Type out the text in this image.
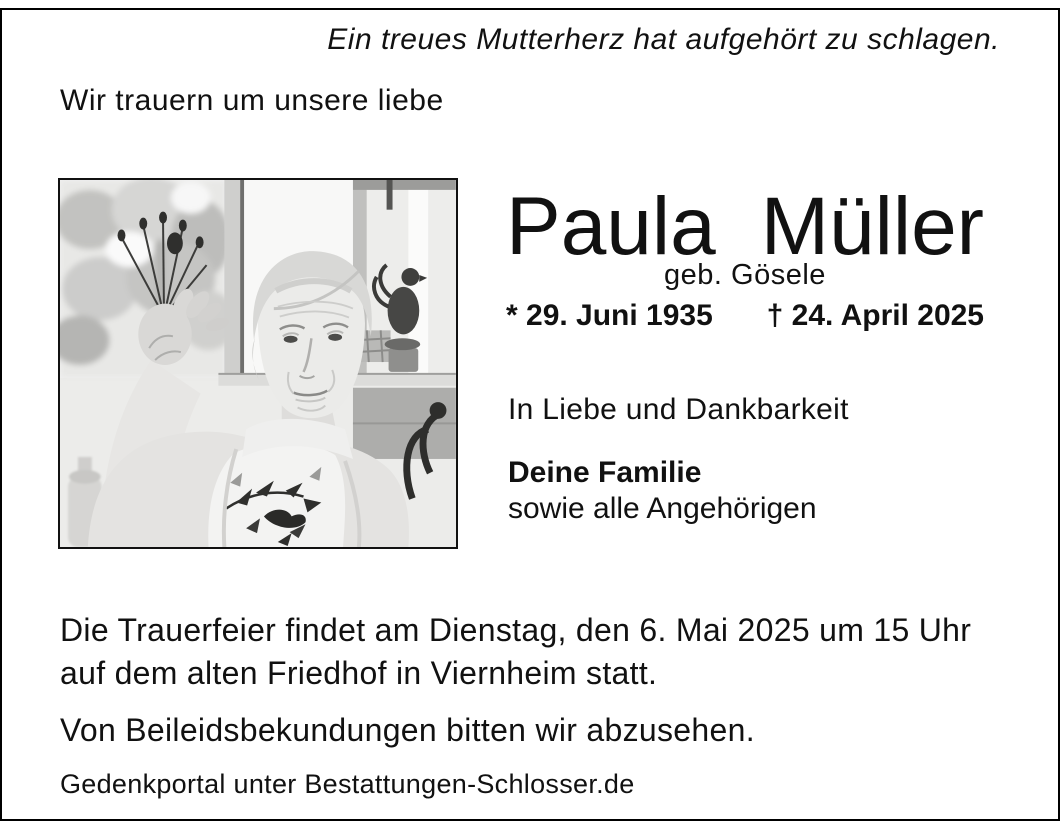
Ein treues Mutterherz hat aufgehört zu schlagen.
Wir trauern um unsere liebe
Paula Müller
geb. Gösele
* 29. Juni 1935 † 24. April 2025
In Liebe und Dankbarkeit
Deine Familie
sowie alle Angehörigen
Die Trauerfeier findet am Dienstag, den 6. Mai 2025 um 15 Uhr
auf dem alten Friedhof in Viernheim statt.
Von Beileidsbekundungen bitten wir abzusehen.
Gedenkportal unter Bestattungen-Schlosser.de
